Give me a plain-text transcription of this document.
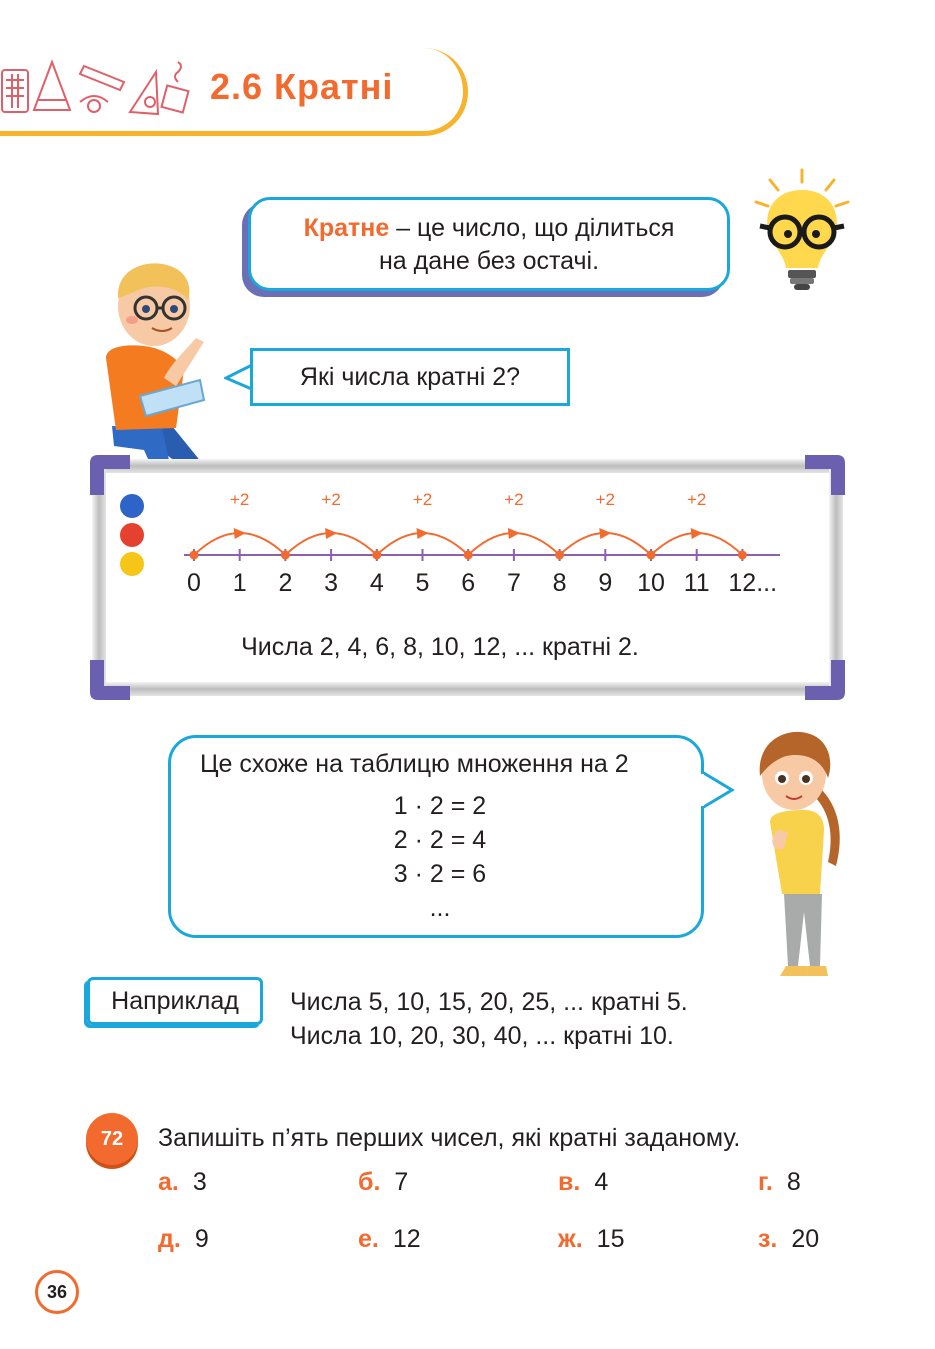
2.6 Кратні
Кратне – це число, що ділиться
на дане без остачі.
Які числа кратні 2?
0 1 2 3 4 5 6 7 8 9 10 11 12...
+2	+2	+2	+2	+2	+2
Числа 2, 4, 6, 8, 10, 12, ... кратні 2.
Це схоже на таблицю множення на 2
1 · 2 = 2
2 · 2 = 4
3 · 2 = 6
...
Наприклад	Числа 5, 10, 15, 20, 25, ... кратні 5.
Числа 10, 20, 30, 40, ... кратні 10.
72	Запишіть п’ять перших чисел, які кратні заданому.
а. 3	б. 7	в. 4	г. 8
д. 9	е. 12	ж. 15	з. 20
36
